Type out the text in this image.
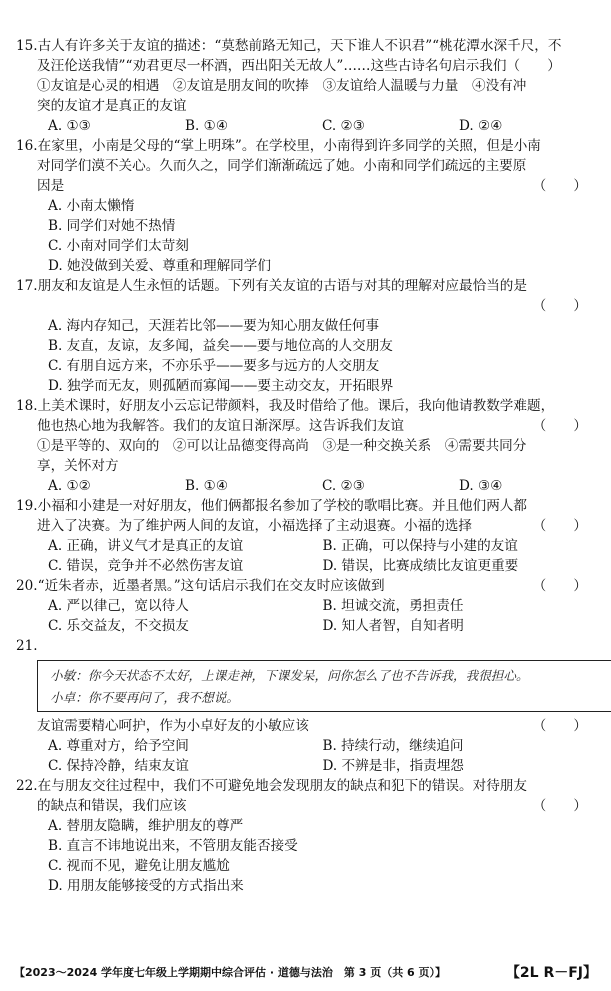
15.古人有许多关于友谊的描述：“莫愁前路无知己，天下谁人不识君”“桃花潭水深千尺，不
及汪伦送我情”“劝君更尽一杯酒，西出阳关无故人”……这些古诗名句启示我们（　　）
①友谊是心灵的相遇　②友谊是朋友间的吹捧　③友谊给人温暖与力量　④没有冲
突的友谊才是真正的友谊
A. ①③	B. ①④	C. ②③	D. ②④
16.在家里，小南是父母的“掌上明珠”。在学校里，小南得到许多同学的关照，但是小南
对同学们漠不关心。久而久之，同学们渐渐疏远了她。小南和同学们疏远的主要原
因是	（　　）
A. 小南太懒惰
B. 同学们对她不热情
C. 小南对同学们太苛刻
D. 她没做到关爱、尊重和理解同学们
17.朋友和友谊是人生永恒的话题。下列有关友谊的古语与对其的理解对应最恰当的是
（　　）
A. 海内存知己，天涯若比邻——要为知心朋友做任何事
B. 友直，友谅，友多闻，益矣——要与地位高的人交朋友
C. 有朋自远方来，不亦乐乎——要多与远方的人交朋友
D. 独学而无友，则孤陋而寡闻——要主动交友，开拓眼界
18.上美术课时，好朋友小云忘记带颜料，我及时借给了他。课后，我向他请教数学难题，
他也热心地为我解答。我们的友谊日渐深厚。这告诉我们友谊	（　　）
①是平等的、双向的　②可以让品德变得高尚　③是一种交换关系　④需要共同分
享，关怀对方
A. ①②	B. ①④	C. ②③	D. ③④
19.小福和小建是一对好朋友，他们俩都报名参加了学校的歌唱比赛。并且他们两人都
进入了决赛。为了维护两人间的友谊，小福选择了主动退赛。小福的选择	（　　）
A. 正确，讲义气才是真正的友谊	B. 正确，可以保持与小建的友谊
C. 错误，竞争并不必然伤害友谊	D. 错误，比赛成绩比友谊更重要
20.“近朱者赤，近墨者黑。”这句话启示我们在交友时应该做到	（　　）
A. 严以律己，宽以待人	B. 坦诚交流，勇担责任
C. 乐交益友，不交损友	D. 知人者智，自知者明
21.
小敏：你今天状态不太好，上课走神，下课发呆，问你怎么了也不告诉我，我很担心。
小卓：你不要再问了，我不想说。
友谊需要精心呵护，作为小卓好友的小敏应该	（　　）
A. 尊重对方，给予空间	B. 持续行动，继续追问
C. 保持冷静，结束友谊	D. 不辨是非，指责埋怨
22.在与朋友交往过程中，我们不可避免地会发现朋友的缺点和犯下的错误。对待朋友
的缺点和错误，我们应该	（　　）
A. 替朋友隐瞒，维护朋友的尊严
B. 直言不讳地说出来，不管朋友能否接受
C. 视而不见，避免让朋友尴尬
D. 用朋友能够接受的方式指出来
【2023～2024 学年度七年级上学期期中综合评估 · 道德与法治　第 3 页（共 6 页）】	【2L R－FJ】
